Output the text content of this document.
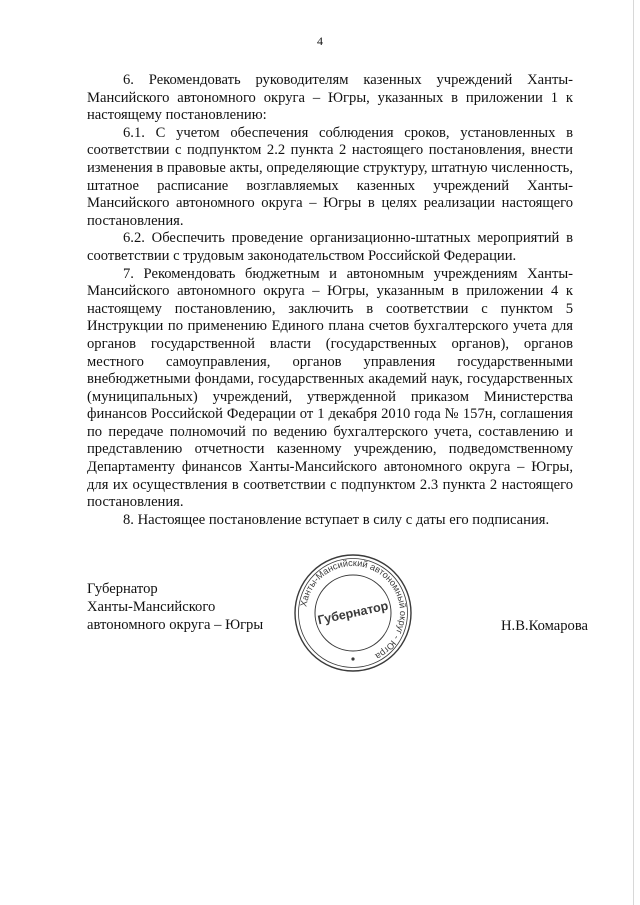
4

6. Рекомендовать руководителям казенных учреждений Ханты-Мансийского автономного округа – Югры, указанных в приложении 1 к настоящему постановлению:

6.1. С учетом обеспечения соблюдения сроков, установленных в соответствии с подпунктом 2.2 пункта 2 настоящего постановления, внести изменения в правовые акты, определяющие структуру, штатную численность, штатное расписание возглавляемых казенных учреждений Ханты-Мансийского автономного округа – Югры в целях реализации настоящего постановления.

6.2. Обеспечить проведение организационно-штатных мероприятий в соответствии с трудовым законодательством Российской Федерации.

7. Рекомендовать бюджетным и автономным учреждениям Ханты-Мансийского автономного округа – Югры, указанным в приложении 4 к настоящему постановлению, заключить в соответствии с пунктом 5 Инструкции по применению Единого плана счетов бухгалтерского учета для органов государственной власти (государственных органов), органов местного самоуправления, органов управления государственными внебюджетными фондами, государственных академий наук, государственных (муниципальных) учреждений, утвержденной приказом Министерства финансов Российской Федерации от 1 декабря 2010 года № 157н, соглашения по передаче полномочий по ведению бухгалтерского учета, составлению и представлению отчетности казенному учреждению, подведомственному Департаменту финансов Ханты-Мансийского автономного округа – Югры, для их осуществления в соответствии с подпунктом 2.3 пункта 2 настоящего постановления.

8. Настоящее постановление вступает в силу с даты его подписания.

Губернатор
Ханты-Мансийского
автономного округа – Югры
Ханты-Мансийский автономный округ - Югра
Губернатор	Н.В.Комарова
